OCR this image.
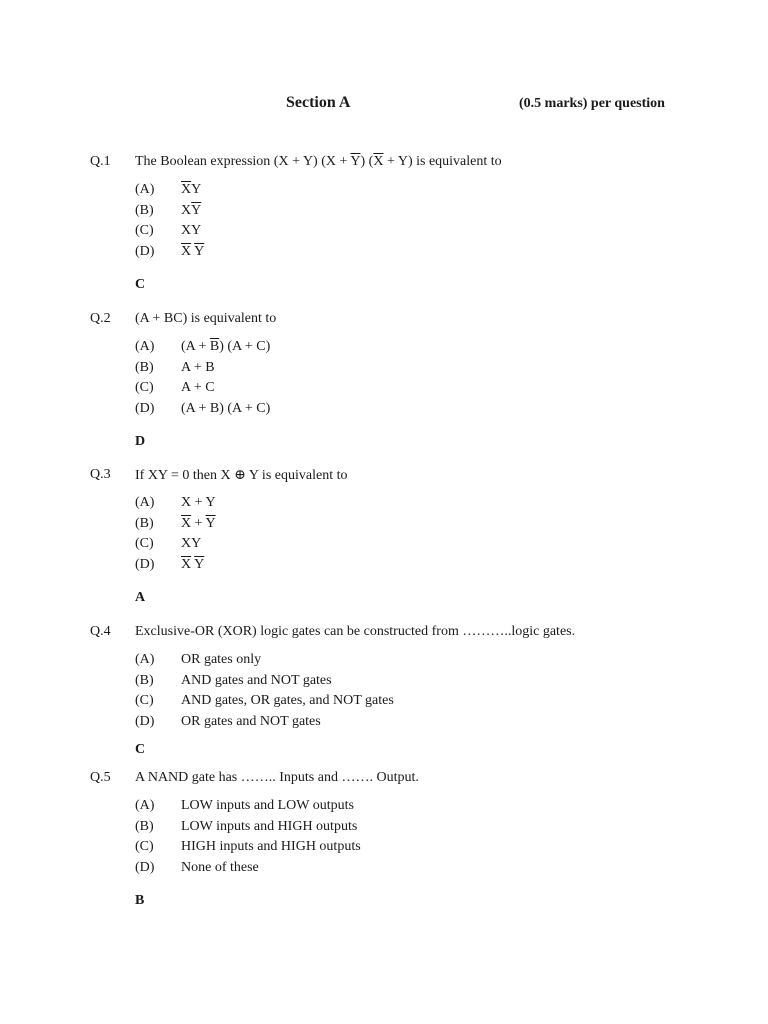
Section A	(0.5 marks) per question
Q.1 The Boolean expression (X + Y) $(X + \overline{Y})$ $(\overline{X} + Y)$ is equivalent to
(A) $\overline{X}Y$
(B) $X\overline{Y}$
(C) XY
(D) $\overline{X}$ $\overline{Y}$
C
Q.2 (A + BC) is equivalent to
(A) $(A + \overline{B})$ (A + C)
(B) A + B
(C) A + C
(D) (A + B) (A + C)
D
Q.3 If XY = 0 then X ⊕ Y is equivalent to
(A) X + Y
(B) $\overline{X} + \overline{Y}$
(C) XY
(D) $\overline{X}$ $\overline{Y}$
A
Q.4 Exclusive-OR (XOR) logic gates can be constructed from ………..logic gates.
(A) OR gates only
(B) AND gates and NOT gates
(C) AND gates, OR gates, and NOT gates
(D) OR gates and NOT gates
C
Q.5 A NAND gate has …….. Inputs and ……. Output.
(A) LOW inputs and LOW outputs
(B) LOW inputs and HIGH outputs
(C) HIGH inputs and HIGH outputs
(D) None of these
B
